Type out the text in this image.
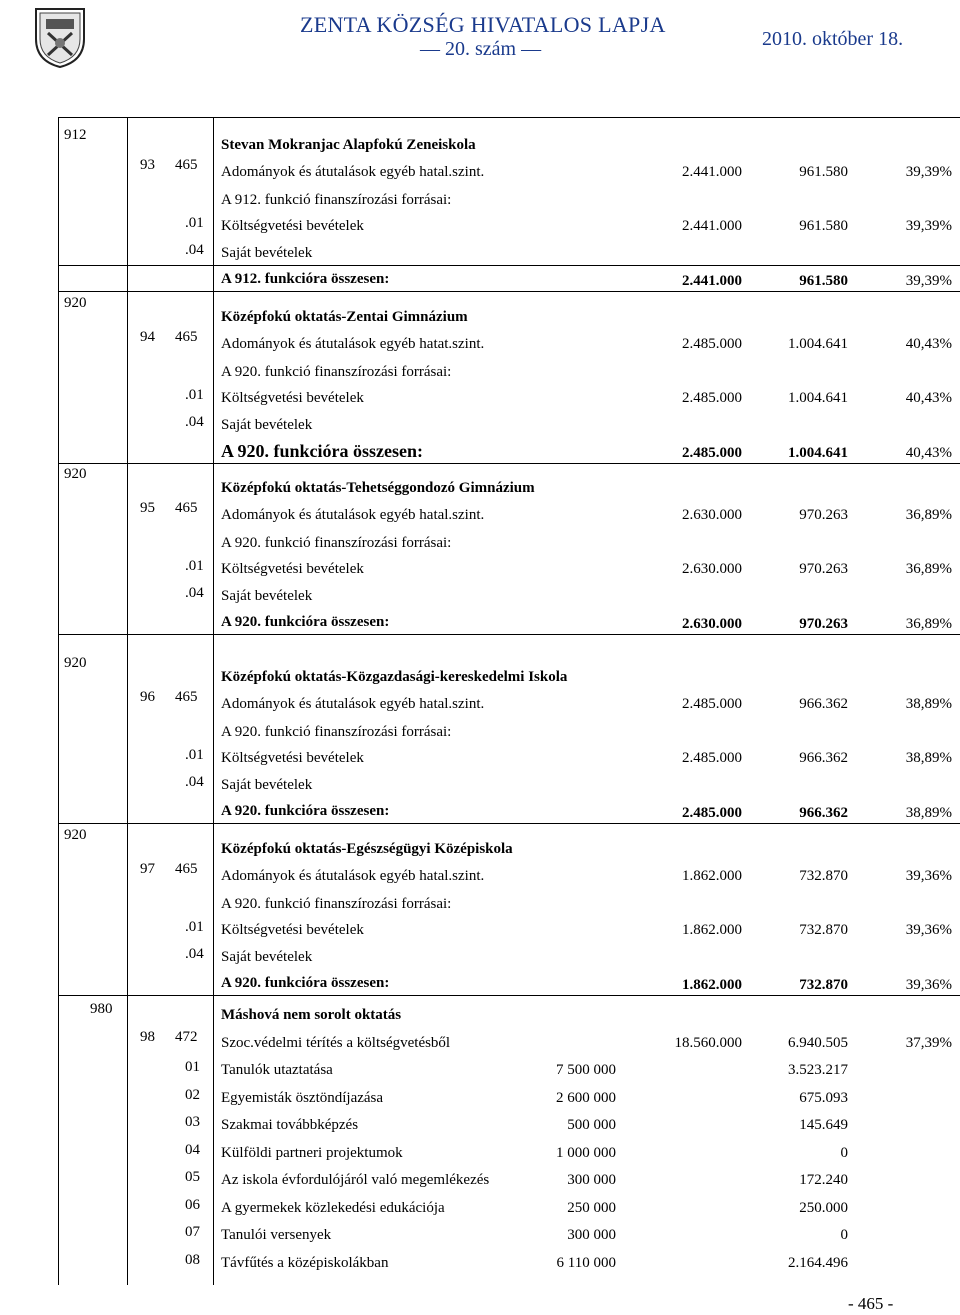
ZENTA KÖZSÉG HIVATALOS LAPJA
— 20. szám —	2010. október 18.
912
Stevan Mokranjac Alapfokú Zeneiskola
93 465 Adományok és átutalások egyéb hatal.szint.	2.441.000	961.580	39,39%
A 912. funkció finanszírozási forrásai:
.01 Költségvetési bevételek	2.441.000	961.580	39,39%
.04 Saját bevételek
A 912. funkcióra összesen:	2.441.000	961.580	39,39%
920
Középfokú oktatás-Zentai Gimnázium
94 465 Adományok és átutalások egyéb hatat.szint.	2.485.000	1.004.641	40,43%
A 920. funkció finanszírozási forrásai:
.01 Költségvetési bevételek	2.485.000	1.004.641	40,43%
.04 Saját bevételek
A 920. funkcióra összesen:	2.485.000	1.004.641	40,43%
920
Középfokú oktatás-Tehetséggondozó Gimnázium
95 465 Adományok és átutalások egyéb hatal.szint.	2.630.000	970.263	36,89%
A 920. funkció finanszírozási forrásai:
.01 Költségvetési bevételek	2.630.000	970.263	36,89%
.04 Saját bevételek
A 920. funkcióra összesen:	2.630.000	970.263	36,89%
920
Középfokú oktatás-Közgazdasági-kereskedelmi Iskola
96 465 Adományok és átutalások egyéb hatal.szint.	2.485.000	966.362	38,89%
A 920. funkció finanszírozási forrásai:
.01 Költségvetési bevételek	2.485.000	966.362	38,89%
.04 Saját bevételek
A 920. funkcióra összesen:	2.485.000	966.362	38,89%
920
Középfokú oktatás-Egészségügyi Középiskola
97 465 Adományok és átutalások egyéb hatal.szint.	1.862.000	732.870	39,36%
A 920. funkció finanszírozási forrásai:
.01 Költségvetési bevételek	1.862.000	732.870	39,36%
.04 Saját bevételek
A 920. funkcióra összesen:	1.862.000	732.870	39,36%
980	Máshová nem sorolt oktatás
98 472 Szoc.védelmi térítés a költségvetésből	18.560.000	6.940.505	37,39%
01 Tanulók utaztatása	7 500 000	3.523.217
02 Egyemisták ösztöndíjazása	2 600 000	675.093
03 Szakmai továbbképzés	500 000	145.649
04 Külföldi partneri projektumok	1 000 000	0
05 Az iskola évfordulójáról való megemlékezés	300 000	172.240
06 A gyermekek közlekedési edukációja	250 000	250.000
07 Tanulói versenyek	300 000	0
08 Távfűtés a középiskolákban	6 110 000	2.164.496
- 465 -
